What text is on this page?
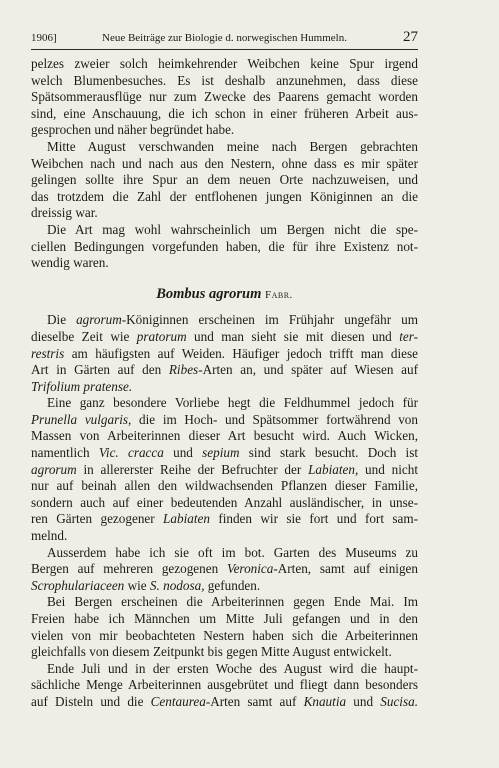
1906]	Neue Beiträge zur Biologie d. norwegischen Hummeln.	27
pelzes zweier solch heimkehrender Weibchen keine Spur irgend
welch Blumenbesuches. Es ist deshalb anzunehmen, dass diese
Spätsommerausflüge nur zum Zwecke des Paarens gemacht worden
sind, eine Anschauung, die ich schon in einer früheren Arbeit aus-
gesprochen und näher begründet habe.
Mitte August verschwanden meine nach Bergen gebrachten
Weibchen nach und nach aus den Nestern, ohne dass es mir später
gelingen sollte ihre Spur an dem neuen Orte nachzuweisen, und
das trotzdem die Zahl der entflohenen jungen Königinnen an die
dreissig war.
Die Art mag wohl wahrscheinlich um Bergen nicht die spe-
ciellen Bedingungen vorgefunden haben, die für ihre Existenz not-
wendig waren.
Bombus agrorum Fabr.
Die agrorum-Königinnen erscheinen im Frühjahr ungefähr um
dieselbe Zeit wie pratorum und man sieht sie mit diesen und ter-
restris am häufigsten auf Weiden. Häufiger jedoch trifft man diese
Art in Gärten auf den Ribes-Arten an, und später auf Wiesen auf
Trifolium pratense.
Eine ganz besondere Vorliebe hegt die Feldhummel jedoch für
Prunella vulgaris, die im Hoch- und Spätsommer fortwährend von
Massen von Arbeiterinnen dieser Art besucht wird. Auch Wicken,
namentlich Vic. cracca und sepium sind stark besucht. Doch ist
agrorum in allererster Reihe der Befruchter der Labiaten, und nicht
nur auf beinah allen den wildwachsenden Pflanzen dieser Familie,
sondern auch auf einer bedeutenden Anzahl ausländischer, in unse-
ren Gärten gezogener Labiaten finden wir sie fort und fort sam-
melnd.
Ausserdem habe ich sie oft im bot. Garten des Museums zu
Bergen auf mehreren gezogenen Veronica-Arten, samt auf einigen
Scrophulariaceen wie S. nodosa, gefunden.
Bei Bergen erscheinen die Arbeiterinnen gegen Ende Mai. Im
Freien habe ich Männchen um Mitte Juli gefangen und in den
vielen von mir beobachteten Nestern haben sich die Arbeiterinnen
gleichfalls von diesem Zeitpunkt bis gegen Mitte August entwickelt.
Ende Juli und in der ersten Woche des August wird die haupt-
sächliche Menge Arbeiterinnen ausgebrütet und fliegt dann besonders
auf Disteln und die Centaurea-Arten samt auf Knautia und Sucisa.
